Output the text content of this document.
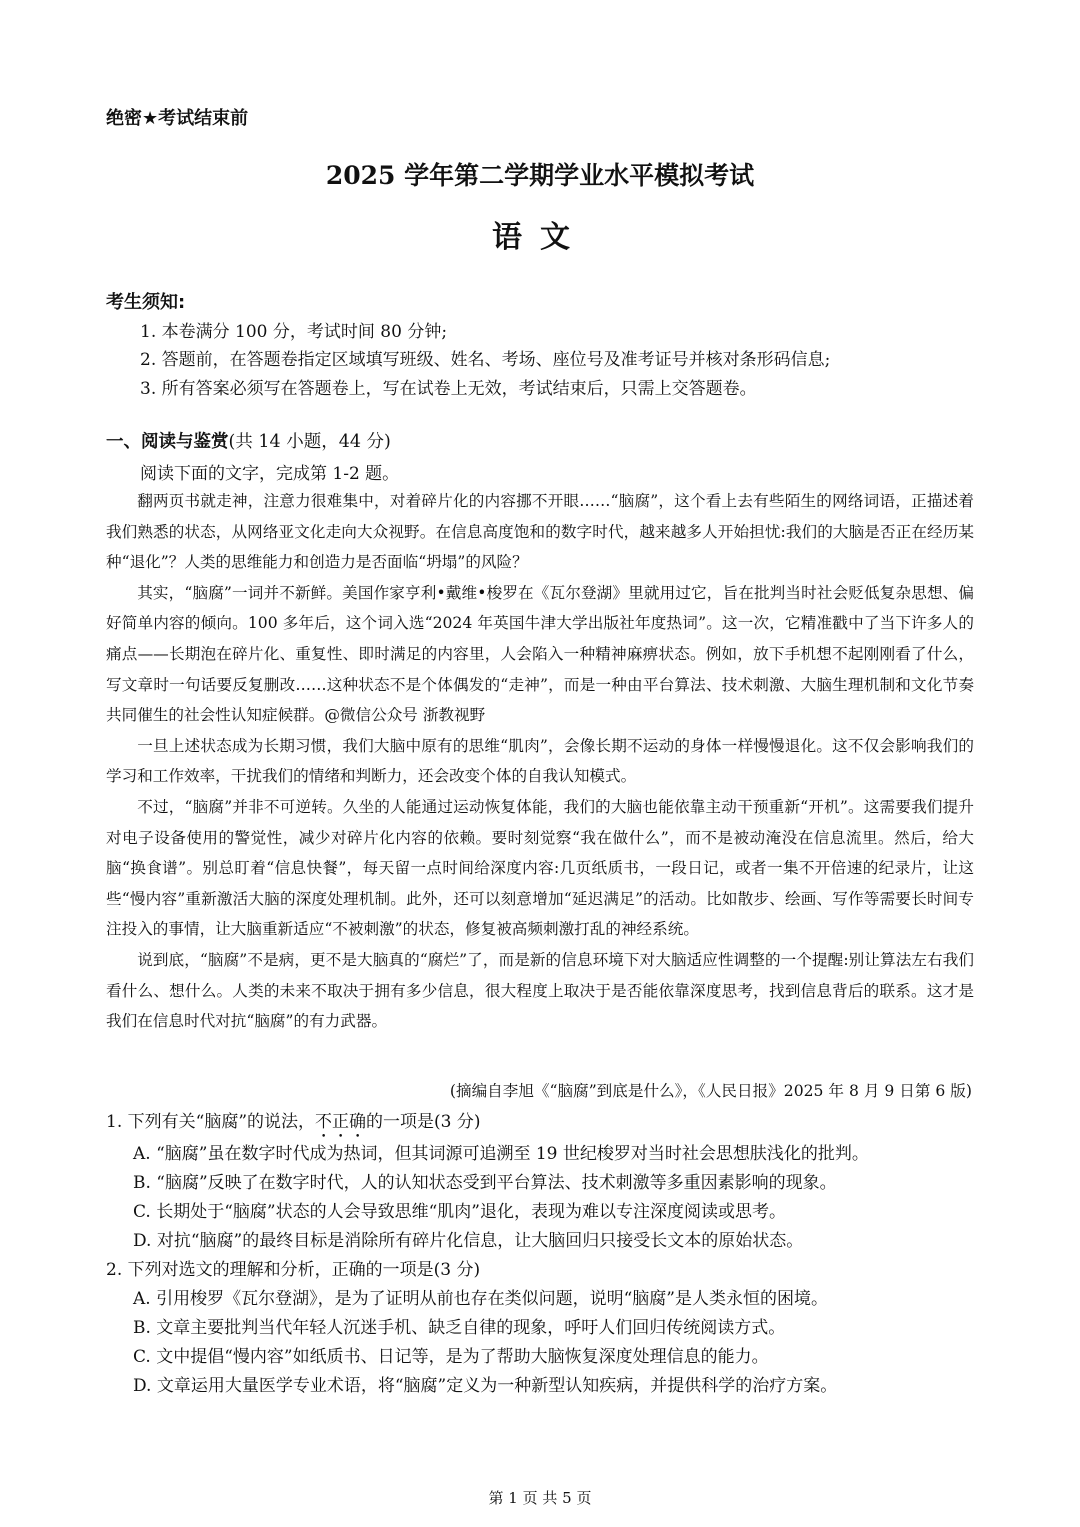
绝密★考试结束前
2025 学年第二学期学业水平模拟考试
语文
考生须知:
1. 本卷满分 100 分，考试时间 80 分钟;
2. 答题前，在答题卷指定区域填写班级、姓名、考场、座位号及准考证号并核对条形码信息;
3. 所有答案必须写在答题卷上，写在试卷上无效，考试结束后，只需上交答题卷。
一、阅读与鉴赏(共 14 小题，44 分)
阅读下面的文字，完成第 1-2 题。

翻两页书就走神，注意力很难集中，对着碎片化的内容挪不开眼……“脑腐”，这个看上去有些陌生的网络词语，正描述着我们熟悉的状态，从网络亚文化走向大众视野。在信息高度饱和的数字时代，越来越多人开始担忧:我们的大脑是否正在经历某种“退化”？人类的思维能力和创造力是否面临“坍塌”的风险？

其实，“脑腐”一词并不新鲜。美国作家亨利•戴维•梭罗在《瓦尔登湖》里就用过它，旨在批判当时社会贬低复杂思想、偏好简单内容的倾向。100 多年后，这个词入选“2024 年英国牛津大学出版社年度热词”。这一次，它精准戳中了当下许多人的痛点——长期泡在碎片化、重复性、即时满足的内容里，人会陷入一种精神麻痹状态。例如，放下手机想不起刚刚看了什么，写文章时一句话要反复删改……这种状态不是个体偶发的“走神”，而是一种由平台算法、技术刺激、大脑生理机制和文化节奏共同催生的社会性认知症候群。@微信公众号 浙教视野

一旦上述状态成为长期习惯，我们大脑中原有的思维“肌肉”，会像长期不运动的身体一样慢慢退化。这不仅会影响我们的学习和工作效率，干扰我们的情绪和判断力，还会改变个体的自我认知模式。

不过，“脑腐”并非不可逆转。久坐的人能通过运动恢复体能，我们的大脑也能依靠主动干预重新“开机”。这需要我们提升对电子设备使用的警觉性，减少对碎片化内容的依赖。要时刻觉察“我在做什么”，而不是被动淹没在信息流里。然后，给大脑“换食谱”。别总盯着“信息快餐”，每天留一点时间给深度内容:几页纸质书，一段日记，或者一集不开倍速的纪录片，让这些“慢内容”重新激活大脑的深度处理机制。此外，还可以刻意增加“延迟满足”的活动。比如散步、绘画、写作等需要长时间专注投入的事情，让大脑重新适应“不被刺激”的状态，修复被高频刺激打乱的神经系统。

说到底，“脑腐”不是病，更不是大脑真的“腐烂”了，而是新的信息环境下对大脑适应性调整的一个提醒:别让算法左右我们看什么、想什么。人类的未来不取决于拥有多少信息，很大程度上取决于是否能依靠深度思考，找到信息背后的联系。这才是我们在信息时代对抗“脑腐”的有力武器。

(摘编自李旭《“脑腐”到底是什么》，《人民日报》2025 年 8 月 9 日第 6 版)
1. 下列有关“脑腐”的说法，不正确的一项是(3 分)
A. “脑腐”虽在数字时代成为热词，但其词源可追溯至 19 世纪梭罗对当时社会思想肤浅化的批判。
B. “脑腐”反映了在数字时代，人的认知状态受到平台算法、技术刺激等多重因素影响的现象。
C. 长期处于“脑腐”状态的人会导致思维“肌肉”退化，表现为难以专注深度阅读或思考。
D. 对抗“脑腐”的最终目标是消除所有碎片化信息，让大脑回归只接受长文本的原始状态。
2. 下列对选文的理解和分析，正确的一项是(3 分)
A. 引用梭罗《瓦尔登湖》，是为了证明从前也存在类似问题，说明“脑腐”是人类永恒的困境。
B. 文章主要批判当代年轻人沉迷手机、缺乏自律的现象，呼吁人们回归传统阅读方式。
C. 文中提倡“慢内容”如纸质书、日记等，是为了帮助大脑恢复深度处理信息的能力。
D. 文章运用大量医学专业术语，将“脑腐”定义为一种新型认知疾病，并提供科学的治疗方案。
第 1 页 共 5 页
